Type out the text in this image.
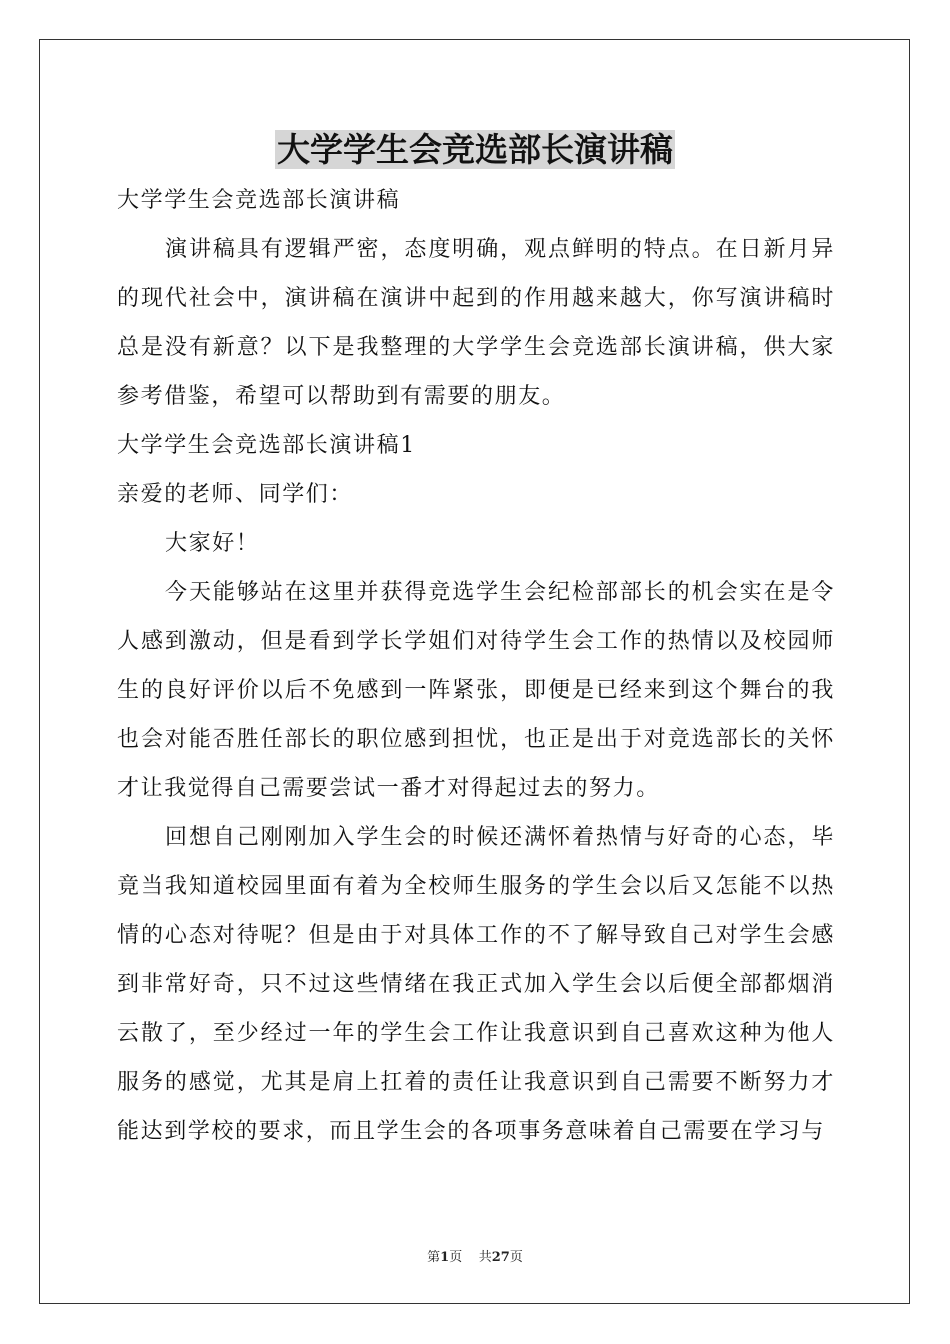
大学学生会竞选部长演讲稿
大学学生会竞选部长演讲稿

演讲稿具有逻辑严密，态度明确，观点鲜明的特点。在日新月异的现代社会中，演讲稿在演讲中起到的作用越来越大，你写演讲稿时总是没有新意？以下是我整理的大学学生会竞选部长演讲稿，供大家参考借鉴，希望可以帮助到有需要的朋友。

大学学生会竞选部长演讲稿1
亲爱的老师、同学们：
大家好！

今天能够站在这里并获得竞选学生会纪检部部长的机会实在是令人感到激动，但是看到学长学姐们对待学生会工作的热情以及校园师生的良好评价以后不免感到一阵紧张，即便是已经来到这个舞台的我也会对能否胜任部长的职位感到担忧，也正是出于对竞选部长的关怀才让我觉得自己需要尝试一番才对得起过去的努力。

回想自己刚刚加入学生会的时候还满怀着热情与好奇的心态，毕竟当我知道校园里面有着为全校师生服务的学生会以后又怎能不以热情的心态对待呢？但是由于对具体工作的不了解导致自己对学生会感到非常好奇，只不过这些情绪在我正式加入学生会以后便全部都烟消云散了，至少经过一年的学生会工作让我意识到自己喜欢这种为他人服务的感觉，尤其是肩上扛着的责任让我意识到自己需要不断努力才能达到学校的要求，而且学生会的各项事务意味着自己需要在学习与

第1页 共27页
